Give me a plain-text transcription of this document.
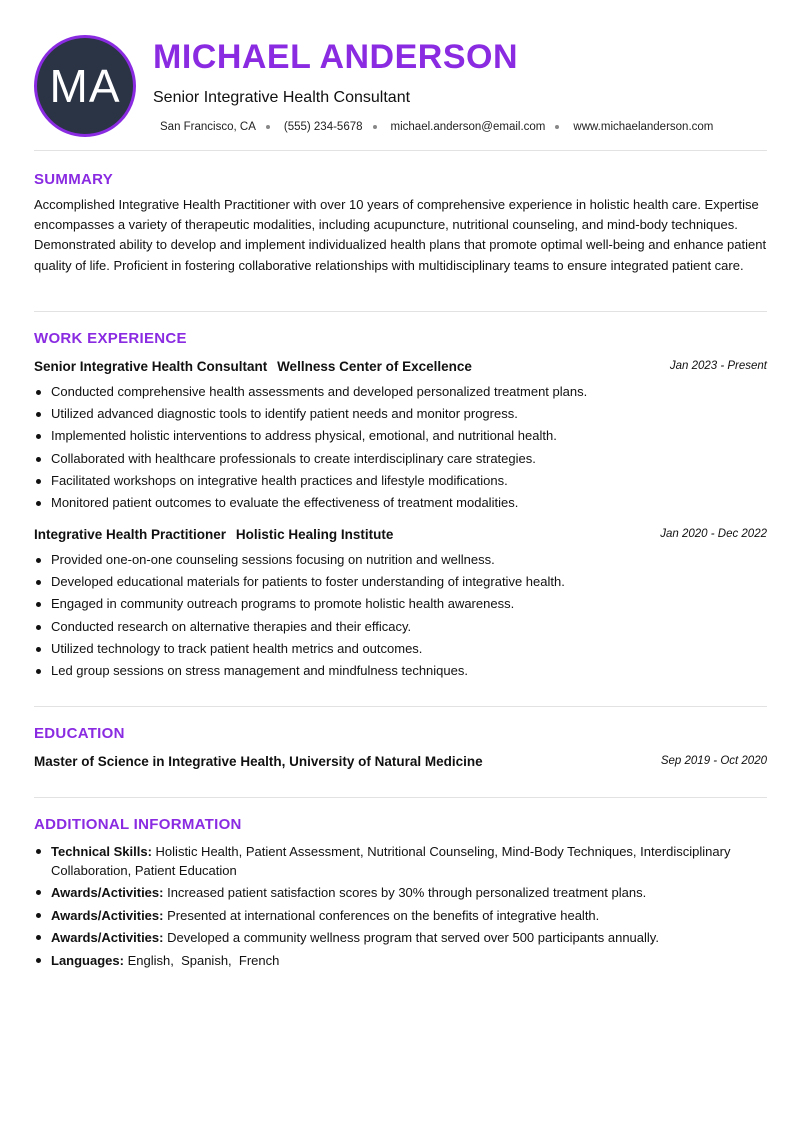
MA
MICHAEL ANDERSON
Senior Integrative Health Consultant
San Francisco, CA (555) 234-5678 michael.anderson@email.com www.michaelanderson.com
SUMMARY
Accomplished Integrative Health Practitioner with over 10 years of comprehensive experience in holistic health care. Expertise encompasses a variety of therapeutic modalities, including acupuncture, nutritional counseling, and mind-body techniques. Demonstrated ability to develop and implement individualized health plans that promote optimal well-being and enhance patient quality of life. Proficient in fostering collaborative relationships with multidisciplinary teams to ensure integrated patient care.
WORK EXPERIENCE
Senior Integrative Health Consultant Wellness Center of Excellence	Jan 2023 - Present
Conducted comprehensive health assessments and developed personalized treatment plans.
Utilized advanced diagnostic tools to identify patient needs and monitor progress.
Implemented holistic interventions to address physical, emotional, and nutritional health.
Collaborated with healthcare professionals to create interdisciplinary care strategies.
Facilitated workshops on integrative health practices and lifestyle modifications.
Monitored patient outcomes to evaluate the effectiveness of treatment modalities.
Integrative Health Practitioner Holistic Healing Institute	Jan 2020 - Dec 2022
Provided one-on-one counseling sessions focusing on nutrition and wellness.
Developed educational materials for patients to foster understanding of integrative health.
Engaged in community outreach programs to promote holistic health awareness.
Conducted research on alternative therapies and their efficacy.
Utilized technology to track patient health metrics and outcomes.
Led group sessions on stress management and mindfulness techniques.
EDUCATION
Master of Science in Integrative Health, University of Natural Medicine	Sep 2019 - Oct 2020
ADDITIONAL INFORMATION
Technical Skills: Holistic Health, Patient Assessment, Nutritional Counseling, Mind-Body Techniques, Interdisciplinary Collaboration, Patient Education
Awards/Activities: Increased patient satisfaction scores by 30% through personalized treatment plans.
Awards/Activities: Presented at international conferences on the benefits of integrative health.
Awards/Activities: Developed a community wellness program that served over 500 participants annually.
Languages: English,  Spanish,  French
